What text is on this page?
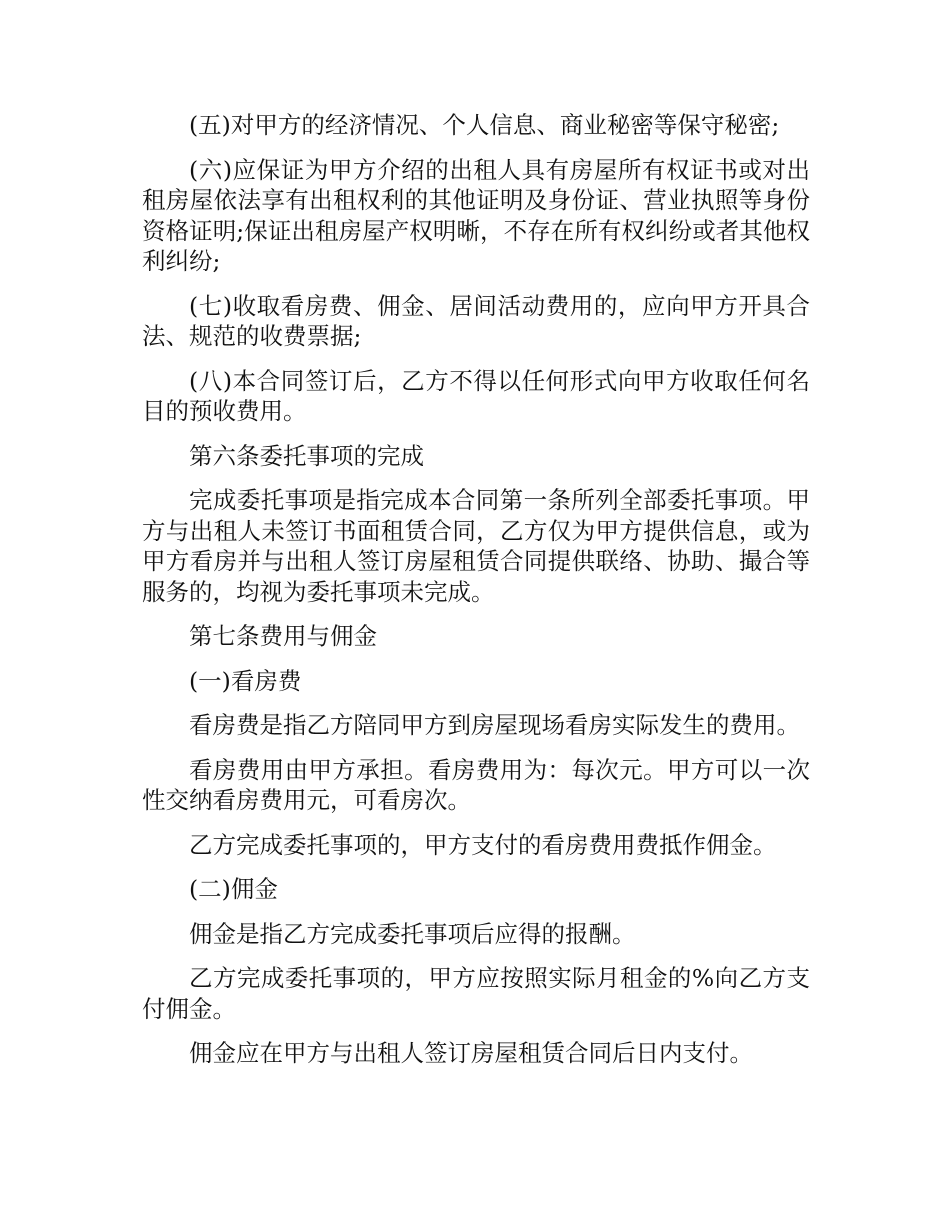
(五)对甲方的经济情况、个人信息、商业秘密等保守秘密;

(六)应保证为甲方介绍的出租人具有房屋所有权证书或对出租房屋依法享有出租权利的其他证明及身份证、营业执照等身份资格证明;保证出租房屋产权明晰，不存在所有权纠纷或者其他权利纠纷;

(七)收取看房费、佣金、居间活动费用的，应向甲方开具合法、规范的收费票据;

(八)本合同签订后，乙方不得以任何形式向甲方收取任何名目的预收费用。

第六条委托事项的完成

完成委托事项是指完成本合同第一条所列全部委托事项。甲方与出租人未签订书面租赁合同，乙方仅为甲方提供信息，或为甲方看房并与出租人签订房屋租赁合同提供联络、协助、撮合等服务的，均视为委托事项未完成。

第七条费用与佣金

(一)看房费

看房费是指乙方陪同甲方到房屋现场看房实际发生的费用。

看房费用由甲方承担。看房费用为：每次元。甲方可以一次性交纳看房费用元，可看房次。

乙方完成委托事项的，甲方支付的看房费用费抵作佣金。

(二)佣金

佣金是指乙方完成委托事项后应得的报酬。

乙方完成委托事项的，甲方应按照实际月租金的%向乙方支付佣金。

佣金应在甲方与出租人签订房屋租赁合同后日内支付。
